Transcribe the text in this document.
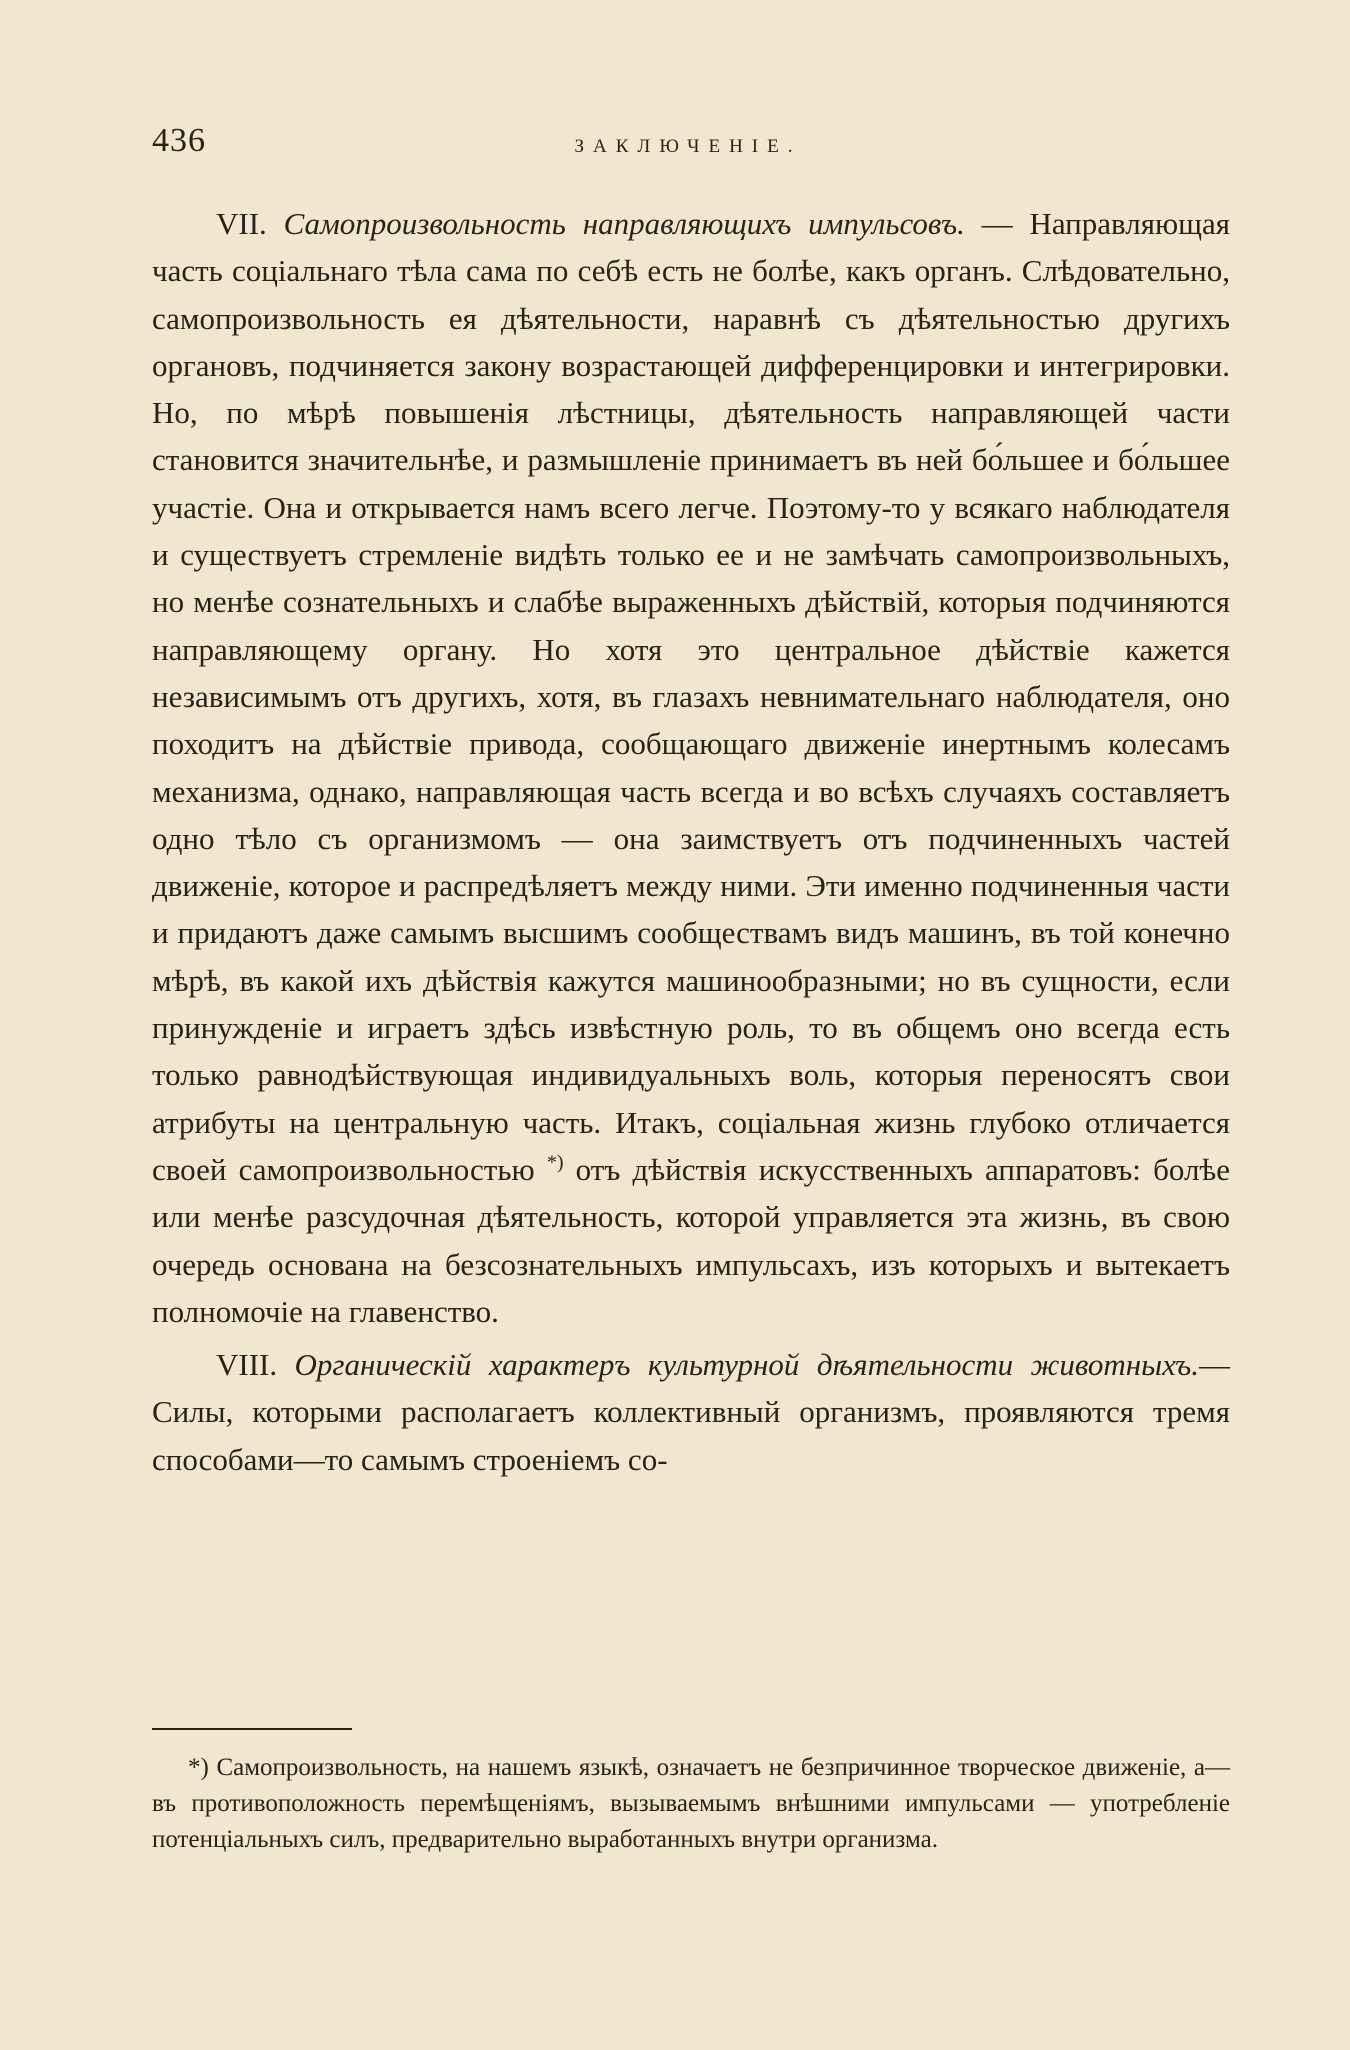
436	ЗАКЛЮЧЕНІЕ.

VII. Самопроизвольность направляющихъ импульсовъ. — Направляющая часть соціальнаго тѣла сама по себѣ есть не болѣе, какъ органъ. Слѣдовательно, самопроизвольность ея дѣятельности, наравнѣ съ дѣятельностью другихъ органовъ, подчиняется закону возрастающей дифференцировки и интегрировки. Но, по мѣрѣ повышенія лѣстницы, дѣятельность направляющей части становится значительнѣе, и размышленіе принимаетъ въ ней бо́льшее и бо́льшее участіе. Она и открывается намъ всего легче. Поэтому-то у всякаго наблюдателя и существуетъ стремленіе видѣть только ее и не замѣчать самопроизвольныхъ, но менѣе сознательныхъ и слабѣе выраженныхъ дѣйствій, которыя подчиняются направляющему органу. Но хотя это центральное дѣйствіе кажется независимымъ отъ другихъ, хотя, въ глазахъ невнимательнаго наблюдателя, оно походитъ на дѣйствіе привода, сообщающаго движеніе инертнымъ колесамъ механизма, однако, направляющая часть всегда и во всѣхъ случаяхъ составляетъ одно тѣло съ организмомъ — она заимствуетъ отъ подчиненныхъ частей движеніе, которое и распредѣляетъ между ними. Эти именно подчиненныя части и придаютъ даже самымъ высшимъ сообществамъ видъ машинъ, въ той конечно мѣрѣ, въ какой ихъ дѣйствія кажутся машинообразными; но въ сущности, если принужденіе и играетъ здѣсь извѣстную роль, то въ общемъ оно всегда есть только равнодѣйствующая индивидуальныхъ воль, которыя переносятъ свои атрибуты на центральную часть. Итакъ, соціальная жизнь глубоко отличается своей самопроизвольностью *) отъ дѣйствія искусственныхъ аппаратовъ: болѣе или менѣе разсудочная дѣятельность, которой управляется эта жизнь, въ свою очередь основана на безсознательныхъ импульсахъ, изъ которыхъ и вытекаетъ полномочіе на главенство.

VIII. Органическій характеръ культурной дѣятельности животныхъ.—Силы, которыми располагаетъ коллективный организмъ, проявляются тремя способами—то самымъ строеніемъ со-

*) Самопроизвольность, на нашемъ языкѣ, означаетъ не безпричинное творческое движеніе, а—въ противоположность перемѣщеніямъ, вызываемымъ внѣшними импульсами — употребленіе потенціальныхъ силъ, предварительно выработанныхъ внутри организма.
